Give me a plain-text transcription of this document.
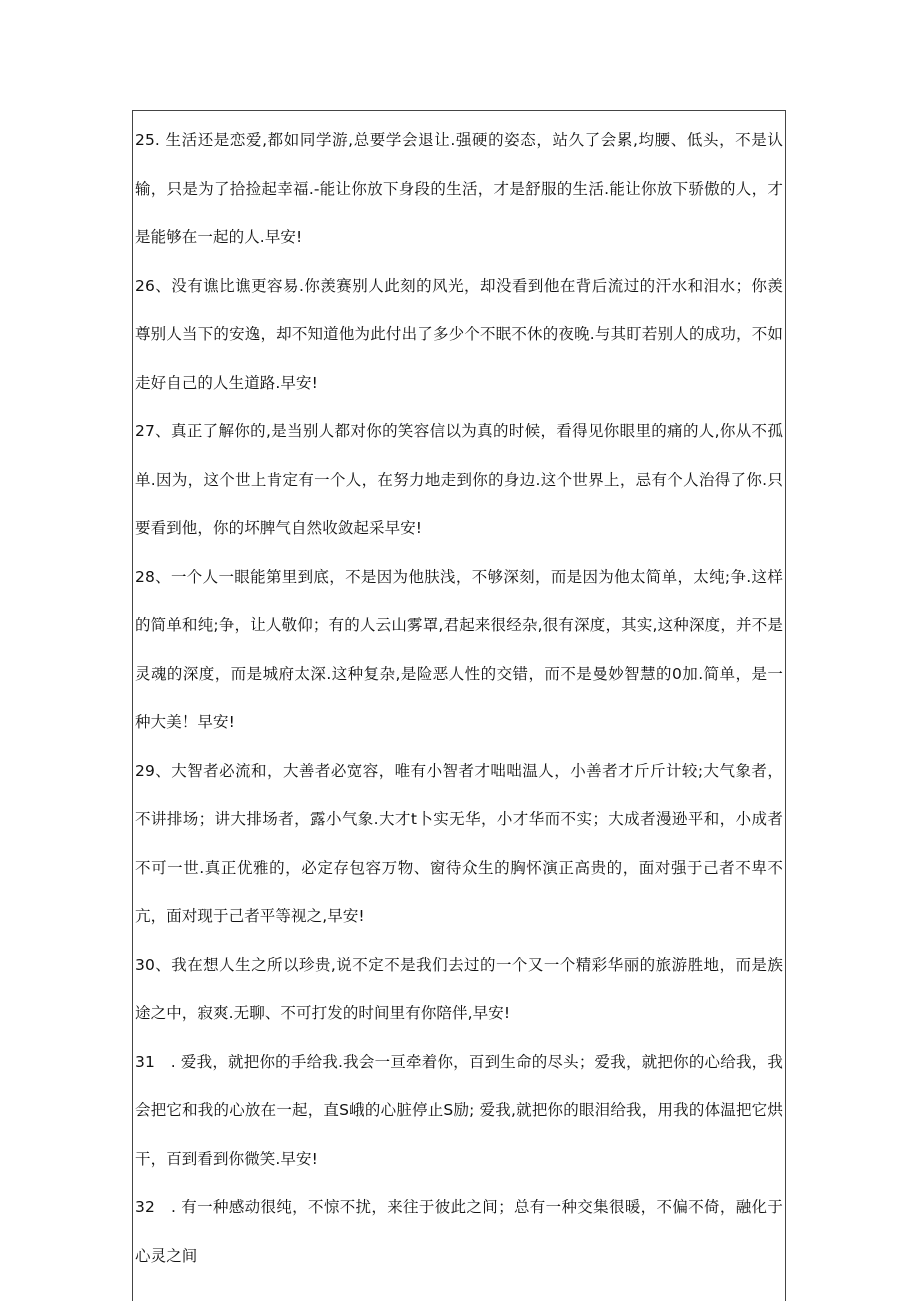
25. 生活还是恋爱,都如同学游,总要学会退让.强硬的姿态，站久了会累,均腰、低头，不是认输，只是为了拾捡起幸福.-能让你放下身段的生活，才是舒服的生活.能让你放下骄傲的人，才是能够在一起的人.早安!

26、没有谯比谯更容易.你羡赛别人此刻的风光，却没看到他在背后流过的汗水和泪水；你羡尊别人当下的安逸，却不知道他为此付出了多少个不眠不休的夜晚.与其盯若别人的成功，不如走好自己的人生道路.早安!

27、真正了解你的,是当别人都对你的笑容信以为真的时候，看得见你眼里的痛的人,你从不孤单.因为，这个世上肯定有一个人，在努力地走到你的身边.这个世界上，忌有个人治得了你.只要看到他，你的坏脾气自然收敛起采早安!

28、一个人一眼能第里到底，不是因为他肤浅，不够深刻，而是因为他太简单，太纯;争.这样的简单和纯;争，让人敬仰；有的人云山雾罩,君起来很经杂,很有深度，其实,这种深度，并不是灵魂的深度，而是城府太深.这种复杂,是险恶人性的交错，而不是曼妙智慧的0加.简单，是一种大美！早安!

29、大智者必流和，大善者必宽容，唯有小智者才咄咄温人，小善者才斤斤计较;大气象者，不讲排场；讲大排场者，露小气象.大才t卜实无华，小才华而不实；大成者漫逊平和，小成者不可一世.真正优雅的，必定存包容万物、窗待众生的胸怀演正高贵的，面对强于己者不卑不亢，面对现于己者平等视之,早安!

30、我在想人生之所以珍贵,说不定不是我们去过的一个又一个精彩华丽的旅游胜地，而是族途之中，寂爽.无聊、不可打发的时间里有你陪伴,早安!

31　. 爱我，就把你的手给我.我会一亘牵着你，百到生命的尽头；爱我，就把你的心给我，我会把它和我的心放在一起，直S峨的心脏停止S励; 爱我,就把你的眼泪给我，用我的体温把它烘干，百到看到你微笑.早安!

32　. 有一种感动很纯，不惊不扰，来往于彼此之间；总有一种交集很暖，不偏不倚，融化于心灵之间
